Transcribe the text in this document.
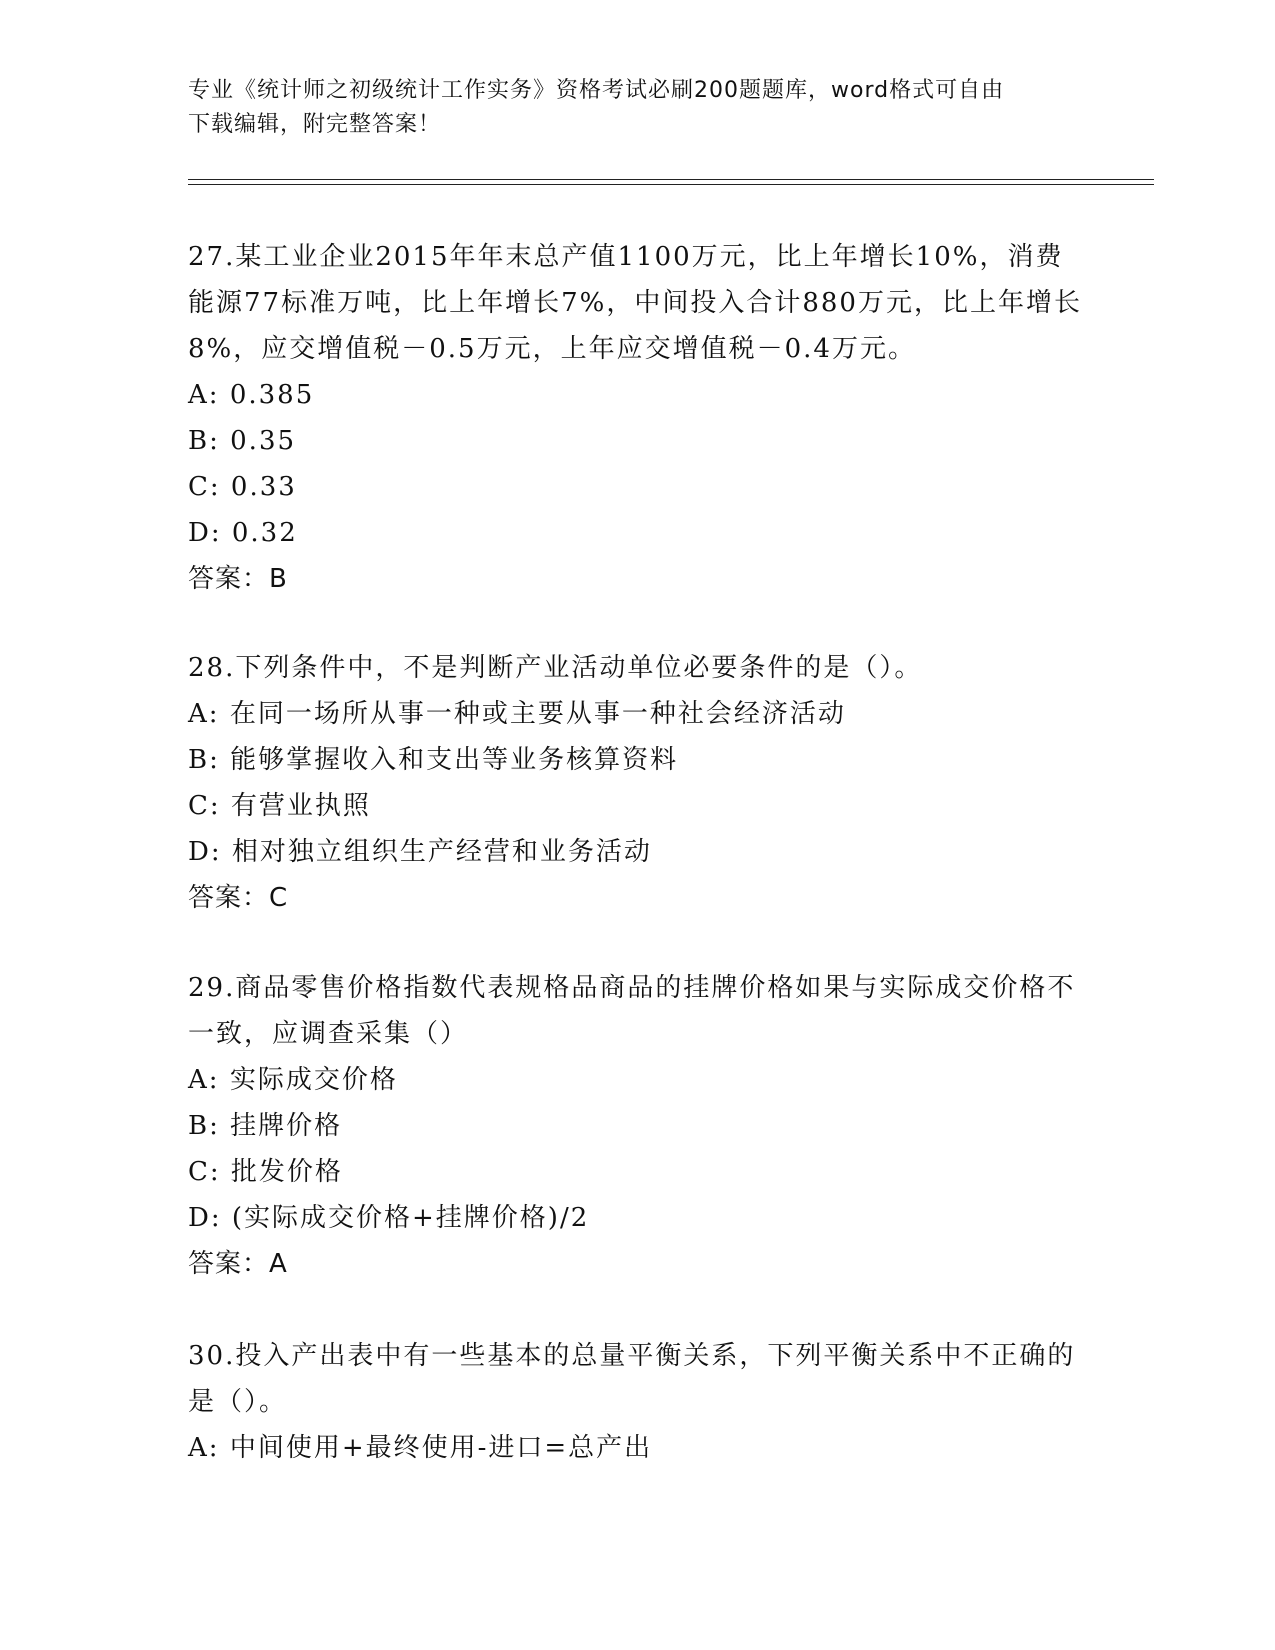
专业《统计师之初级统计工作实务》资格考试必刷200题题库，word格式可自由
下载编辑，附完整答案！

27.某工业企业2015年年末总产值1100万元，比上年增长10%，消费能源77标准万吨，比上年增长7%，中间投入合计880万元，比上年增长8%，应交增值税－0.5万元，上年应交增值税－0.4万元。

A: 0.385
B: 0.35
C: 0.33
D: 0.32
答案：B

28.下列条件中，不是判断产业活动单位必要条件的是（）。

A: 在同一场所从事一种或主要从事一种社会经济活动
B: 能够掌握收入和支出等业务核算资料
C: 有营业执照
D: 相对独立组织生产经营和业务活动
答案：C

29.商品零售价格指数代表规格品商品的挂牌价格如果与实际成交价格不一致，应调查采集（）

A: 实际成交价格
B: 挂牌价格
C: 批发价格
D: (实际成交价格+挂牌价格)/2
答案：A

30.投入产出表中有一些基本的总量平衡关系，下列平衡关系中不正确的是（）。

A: 中间使用+最终使用-进口=总产出
